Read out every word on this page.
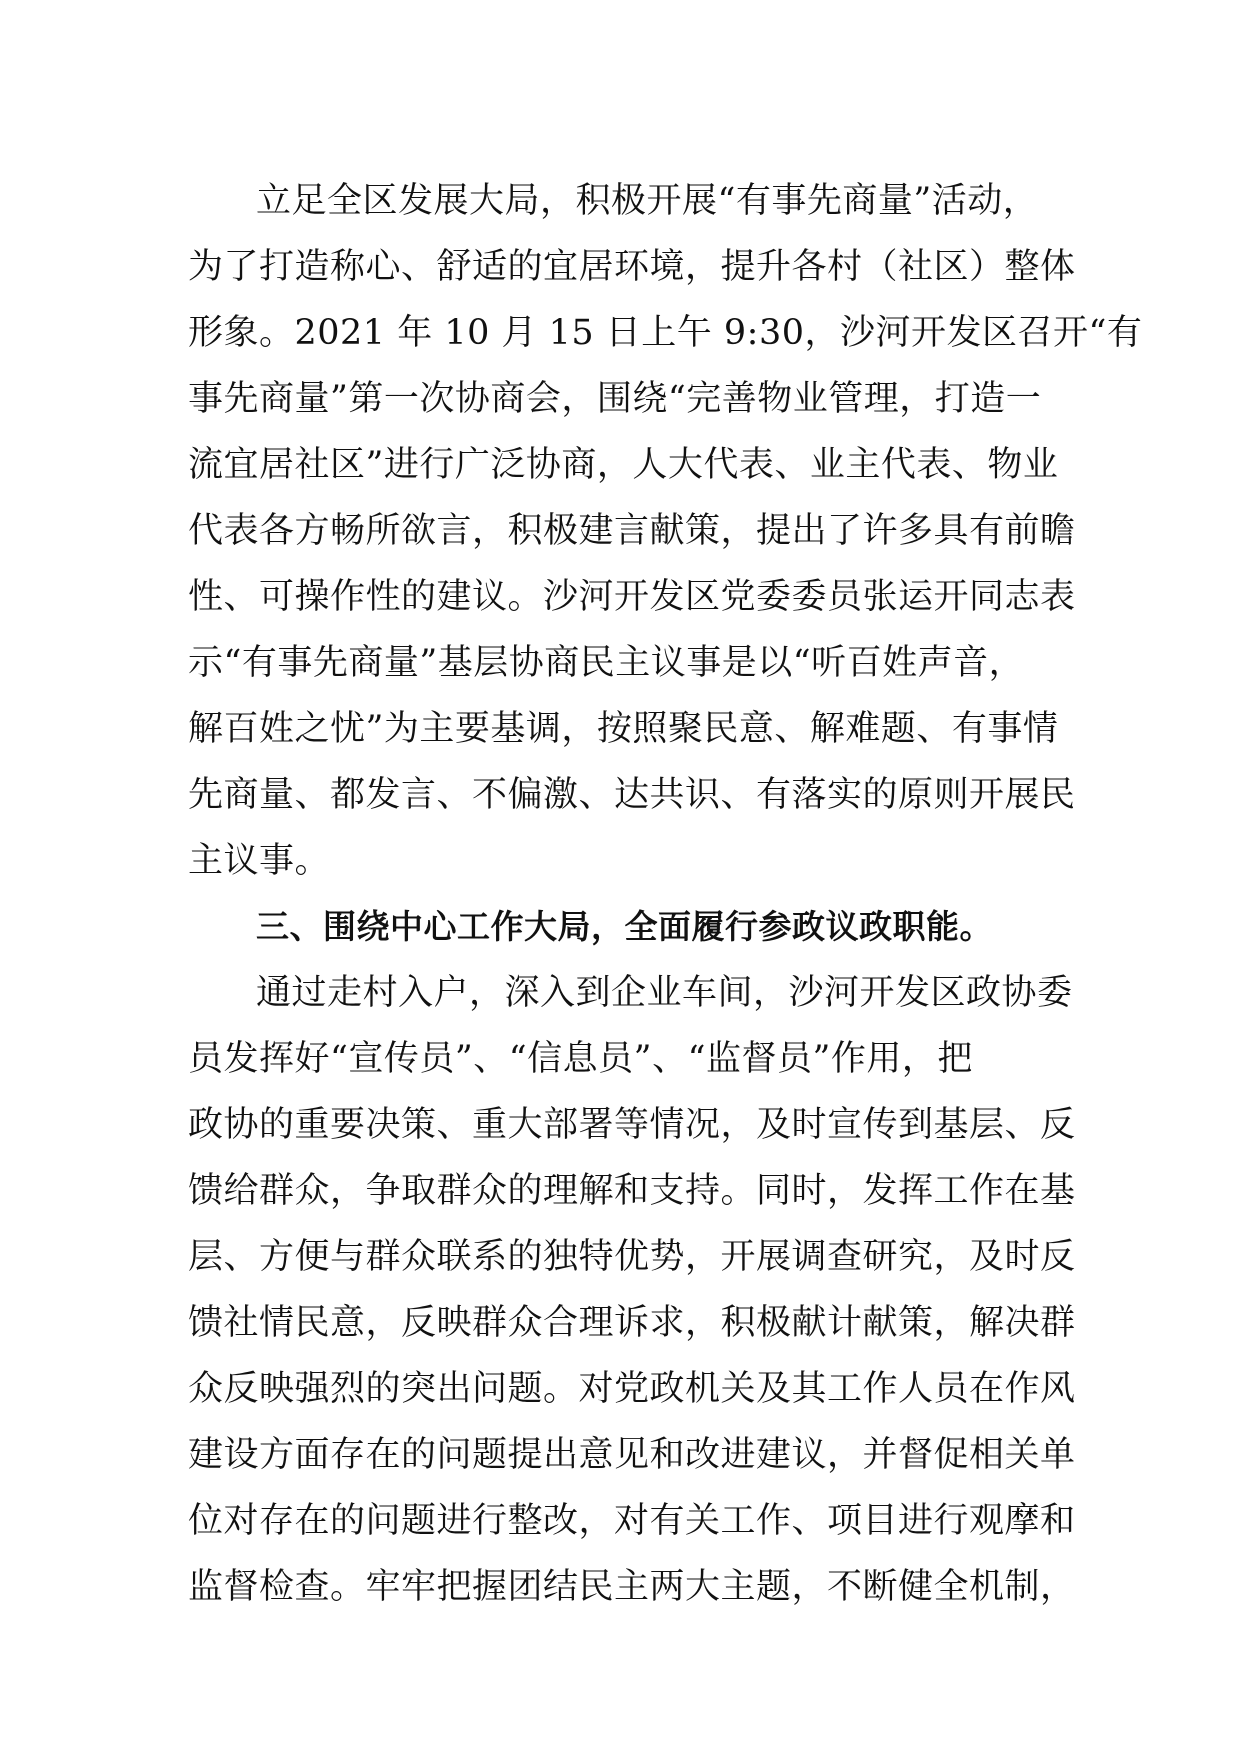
立足全区发展大局，积极开展“有事先商量”活动，
为了打造称心、舒适的宜居环境，提升各村（社区）整体
形象。2021 年 10 月 15 日上午 9:30，沙河开发区召开“有
事先商量”第一次协商会，围绕“完善物业管理，打造一
流宜居社区”进行广泛协商，人大代表、业主代表、物业
代表各方畅所欲言，积极建言献策，提出了许多具有前瞻
性、可操作性的建议。沙河开发区党委委员张运开同志表
示“有事先商量”基层协商民主议事是以“听百姓声音，
解百姓之忧”为主要基调，按照聚民意、解难题、有事情
先商量、都发言、不偏激、达共识、有落实的原则开展民
主议事。
三、围绕中心工作大局，全面履行参政议政职能。
通过走村入户，深入到企业车间，沙河开发区政协委
员发挥好“宣传员”、“信息员”、“监督员”作用，把
政协的重要决策、重大部署等情况，及时宣传到基层、反
馈给群众，争取群众的理解和支持。同时，发挥工作在基
层、方便与群众联系的独特优势，开展调查研究，及时反
馈社情民意，反映群众合理诉求，积极献计献策，解决群
众反映强烈的突出问题。对党政机关及其工作人员在作风
建设方面存在的问题提出意见和改进建议，并督促相关单
位对存在的问题进行整改，对有关工作、项目进行观摩和
监督检查。牢牢把握团结民主两大主题，不断健全机制，
